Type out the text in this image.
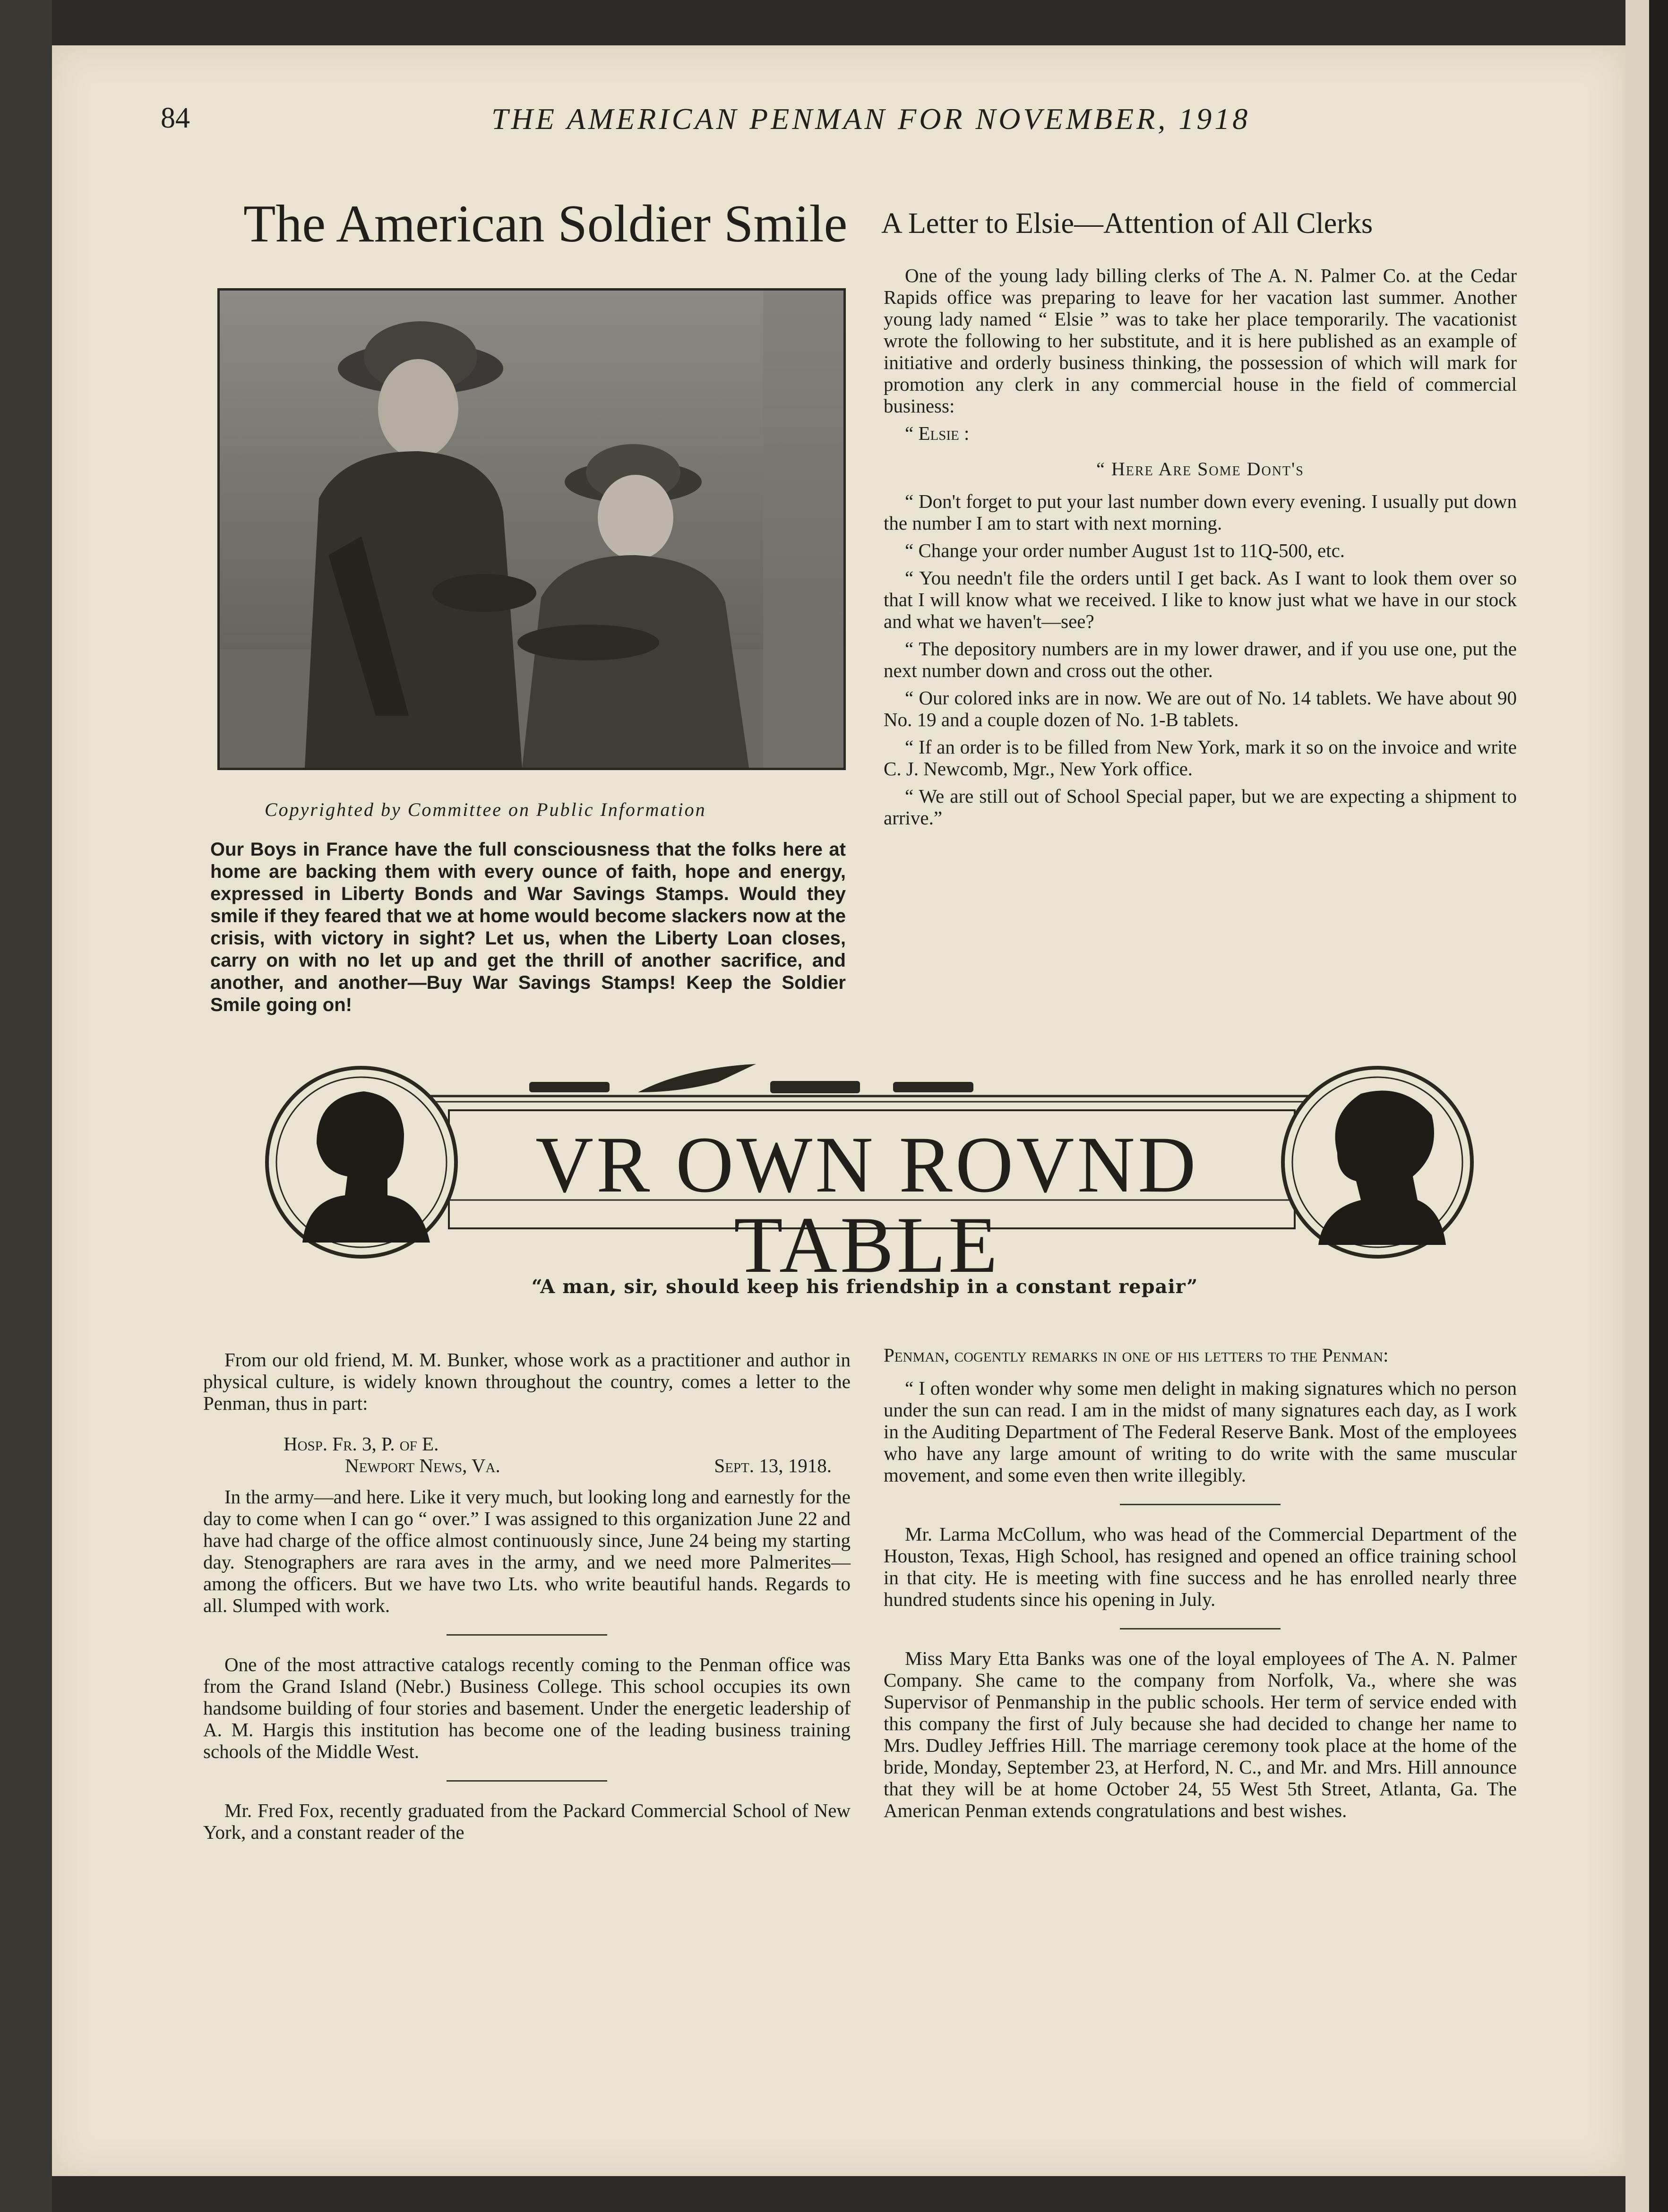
84	THE AMERICAN PENMAN FOR NOVEMBER, 1918
The American Soldier Smile
Copyrighted by Committee on Public Information

Our Boys in France have the full consciousness that the folks here at home are backing them with every ounce of faith, hope and energy, expressed in Liberty Bonds and War Savings Stamps. Would they smile if they feared that we at home would become slackers now at the crisis, with victory in sight? Let us, when the Liberty Loan closes, carry on with no let up and get the thrill of another sacrifice, and another, and another—Buy War Savings Stamps! Keep the Soldier Smile going on!

A Letter to Elsie—Attention of All Clerks

One of the young lady billing clerks of The A. N. Palmer Co. at the Cedar Rapids office was preparing to leave for her vacation last summer. Another young lady named “ Elsie ” was to take her place temporarily. The vacationist wrote the following to her substitute, and it is here published as an example of initiative and orderly business thinking, the possession of which will mark for promotion any clerk in any commercial house in the field of commercial business:

“ Elsie :

“ Here Are Some Dont's

“ Don't forget to put your last number down every evening. I usually put down the number I am to start with next morning.

“ Change your order number August 1st to 11Q-500, etc.

“ You needn't file the orders until I get back. As I want to look them over so that I will know what we received. I like to know just what we have in our stock and what we haven't—see?

“ The depository numbers are in my lower drawer, and if you use one, put the next number down and cross out the other.

“ Our colored inks are in now. We are out of No. 14 tablets. We have about 90 No. 19 and a couple dozen of No. 1-B tablets.

“ If an order is to be filled from New York, mark it so on the invoice and write C. J. Newcomb, Mgr., New York office.

“ We are still out of School Special paper, but we are expecting a shipment to arrive.”

VR OWN ROVND TABLE
“A man, sir, should keep his friendship in a constant repair”

From our old friend, M. M. Bunker, whose work as a practitioner and author in physical culture, is widely known throughout the country, comes a letter to the Penman, thus in part:

Hosp. Fr. 3, P. of E.
Newport News, Va.	Sept. 13, 1918.

In the army—and here. Like it very much, but looking long and earnestly for the day to come when I can go “ over.” I was assigned to this organization June 22 and have had charge of the office almost continuously since, June 24 being my starting day. Stenographers are rara aves in the army, and we need more Palmerites—among the officers. But we have two Lts. who write beautiful hands. Regards to all. Slumped with work.

One of the most attractive catalogs recently coming to the Penman office was from the Grand Island (Nebr.) Business College. This school occupies its own handsome building of four stories and basement. Under the energetic leadership of A. M. Hargis this institution has become one of the leading business training schools of the Middle West.

Mr. Fred Fox, recently graduated from the Packard Commercial School of New York, and a constant reader of the

Penman, cogently remarks in one of his letters to the Penman:

“ I often wonder why some men delight in making signatures which no person under the sun can read. I am in the midst of many signatures each day, as I work in the Auditing Department of The Federal Reserve Bank. Most of the employees who have any large amount of writing to do write with the same muscular movement, and some even then write illegibly.

Mr. Larma McCollum, who was head of the Commercial Department of the Houston, Texas, High School, has resigned and opened an office training school in that city. He is meeting with fine success and he has enrolled nearly three hundred students since his opening in July.

Miss Mary Etta Banks was one of the loyal employees of The A. N. Palmer Company. She came to the company from Norfolk, Va., where she was Supervisor of Penmanship in the public schools. Her term of service ended with this company the first of July because she had decided to change her name to Mrs. Dudley Jeffries Hill. The marriage ceremony took place at the home of the bride, Monday, September 23, at Herford, N. C., and Mr. and Mrs. Hill announce that they will be at home October 24, 55 West 5th Street, Atlanta, Ga. The American Penman extends congratulations and best wishes.
